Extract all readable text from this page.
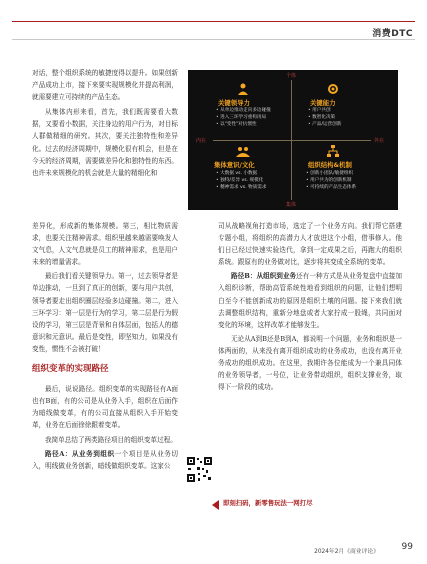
消费DTC

对话，整个组织系统的敏捷度得以提升。如果创新产品成功上市，接下来要实现规模化并提高利润，就需要建立可持续的产品生态。

从集体内形来看，首先，我们既需要看大数据，又要看小数据，关注身边的用户行为，对目标人群做精细的研究。其次，要关注独特性和差异化。过去的经济周期中，规模化很有机会，但是在今天的经济周期，需要做差异化和独特性的东西。也许未来规模化的机会就是大量的精细化和

差异化，形成新的集体规模。第三，相比物质需求，也要关注精神需求。组织里越来越需要唤发人文气息，人文气息就是员工的精神需求，也是用户未来的增量需求。

最后我们看关键领导力。第一，过去领导者是单边推动，一旦到了真正的创新，要与用户共创，领导者要走出组织圈层经验多边碰撞。第二，进入三环学习：第一层是行为的学习，第二层是行为假设的学习，第三层是背景和自体层面，包括人的德意识和元意识。最后是变性，即坚知力，如果没有变性，惯性不会被打破！

组织变革的实现路径

最后，说说路径。组织变革的实现路径有A面也有B面，有的公司是从业务入手，组织在后面作为暗线做变革，有的公司直接从组织入手开始变革，业务在后面徐徐跟着变革。

我简单总结了两类路径项目的组织变革过程。

路径A：从业务到组织一个项目是从业务切入，明线做业务创新，暗线做组织变革。这家公

司从战略视角打造市场，选定了一个业务方向。我们帮它搭建专题小组，将组织的高潜力人才放进这个小组，借事修人。他们日已经过快速实验迭代，拿到一定成果之后，再跑大的组织系统。跟原有的业务做对比，逐步将其变成全系统的变革。

路径B：从组织到业务还有一种方式是从业务复盘中直接加入组织诊断，帮助高管系统性地看到组织的问题，让他们想明白至今不能创新成功的原因是组织土壤的问题。接下来我们就去调整组织结构，重新分地盘或者大家拧成一股绳，共同面对变化的环境，这样改革才能够发生。

无论从A到B还是B到A，都说明一个问题，业务和组织是一体两面的，从来没有离开组织成功的业务成功，也没有离开业务成功的组织成功。在这里，我期许各位能成为一个兼具同体的业务领导者，一号位，让业务带动组织，组织支撑业务，取得下一阶段的成功。

个体
集体
内在	外在
关键领导力
• 从单边推动走向多边碰撞
• 进入三环学习重构再局
• 以"变性"对抗惯性
关键能力
• 用户共创
• 数智化决策
• 产品/运营创新
集体意识/文化
• 大数据 vs. 小数据
• 独特/差异 vs. 规模化
• 精神需求 vs. 物质需求
组织结构&机制
• 创新小团队/敏捷组织
• 用户共为的创新机制
• 可持续的产品生态体系
即刻扫码，新零售玩法一网打尽
2024年2月《商业评论》	99
